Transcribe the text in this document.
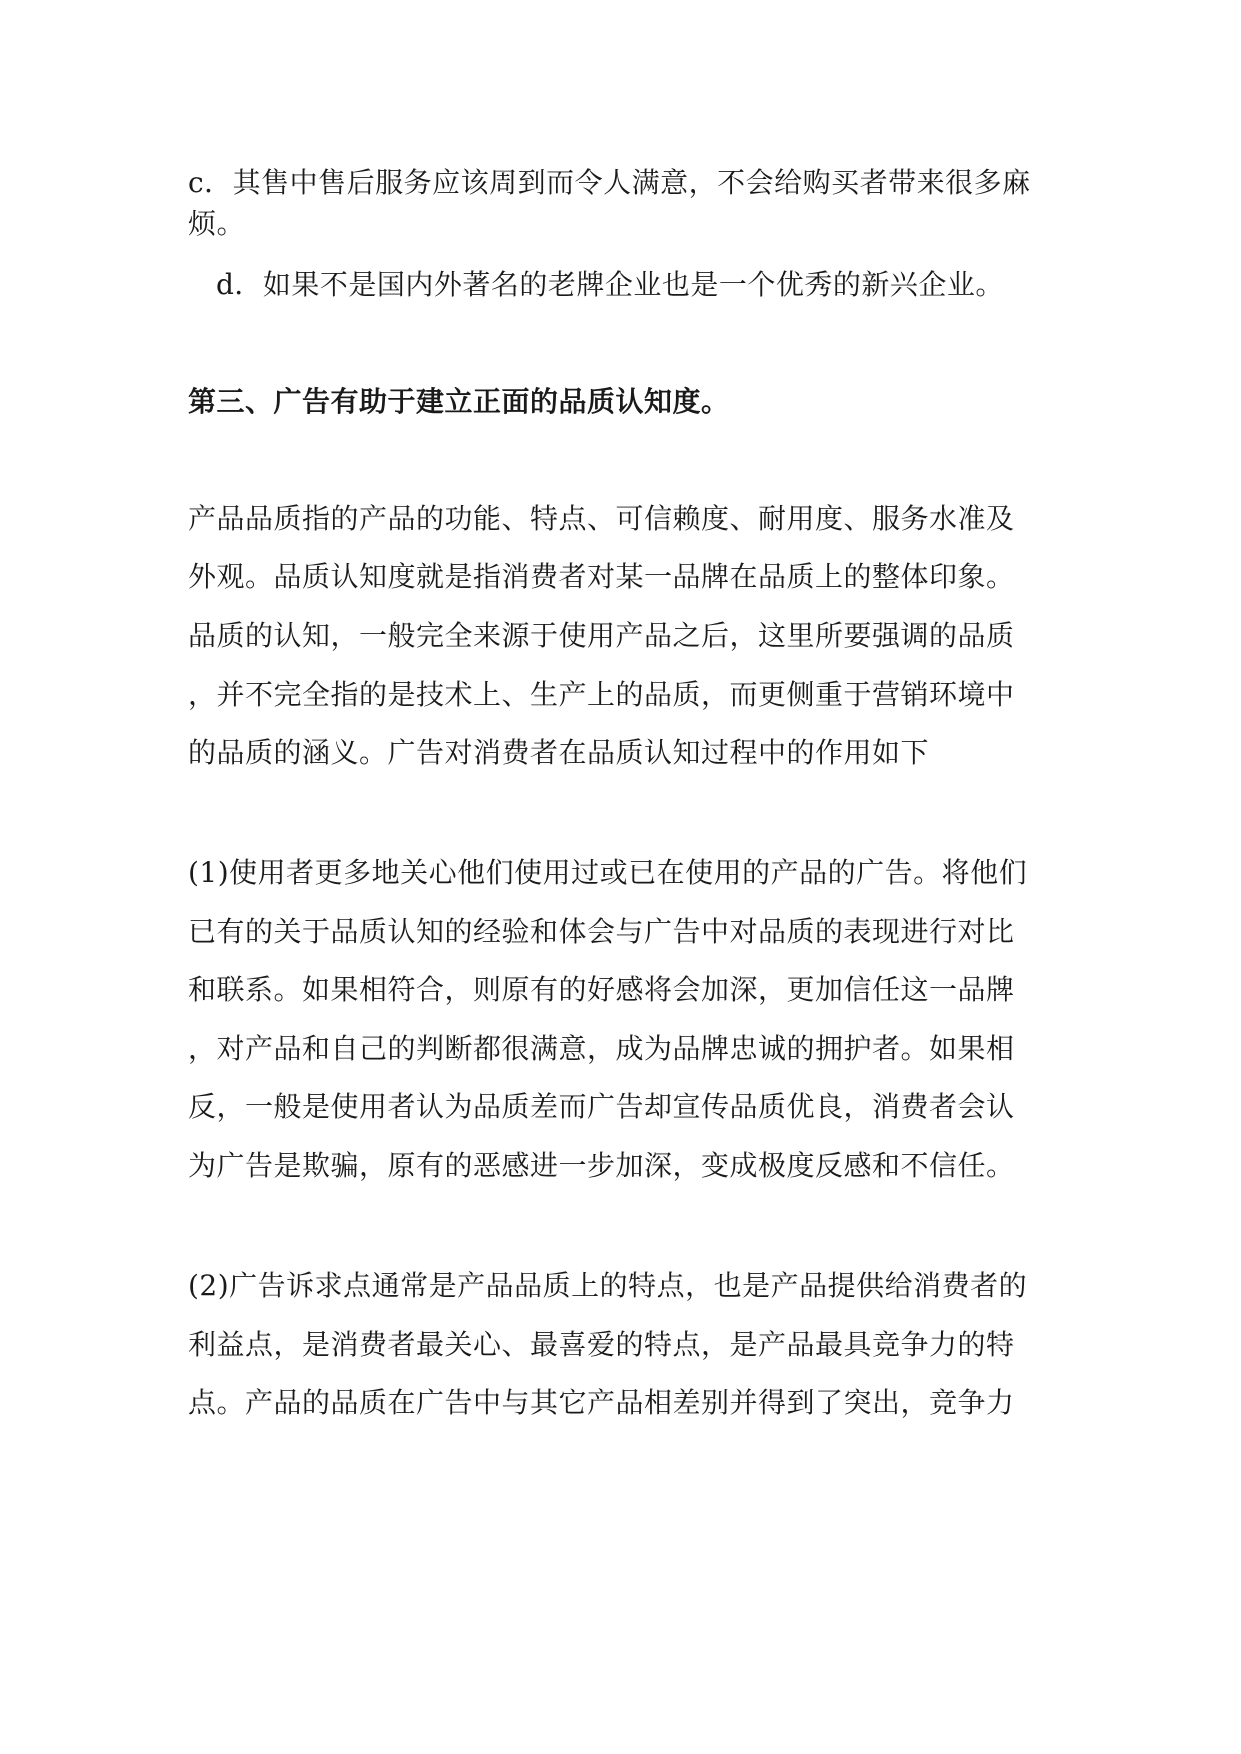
c．其售中售后服务应该周到而令人满意，不会给购买者带来很多麻
烦。
d．如果不是国内外著名的老牌企业也是一个优秀的新兴企业。
第三、广告有助于建立正面的品质认知度。
产品品质指的产品的功能、特点、可信赖度、耐用度、服务水准及
外观。品质认知度就是指消费者对某一品牌在品质上的整体印象。
品质的认知，一般完全来源于使用产品之后，这里所要强调的品质
，并不完全指的是技术上、生产上的品质，而更侧重于营销环境中
的品质的涵义。广告对消费者在品质认知过程中的作用如下
(1)使用者更多地关心他们使用过或已在使用的产品的广告。将他们
已有的关于品质认知的经验和体会与广告中对品质的表现进行对比
和联系。如果相符合，则原有的好感将会加深，更加信任这一品牌
，对产品和自己的判断都很满意，成为品牌忠诚的拥护者。如果相
反，一般是使用者认为品质差而广告却宣传品质优良，消费者会认
为广告是欺骗，原有的恶感进一步加深，变成极度反感和不信任。
(2)广告诉求点通常是产品品质上的特点，也是产品提供给消费者的
利益点，是消费者最关心、最喜爱的特点，是产品最具竞争力的特
点。产品的品质在广告中与其它产品相差别并得到了突出，竞争力
